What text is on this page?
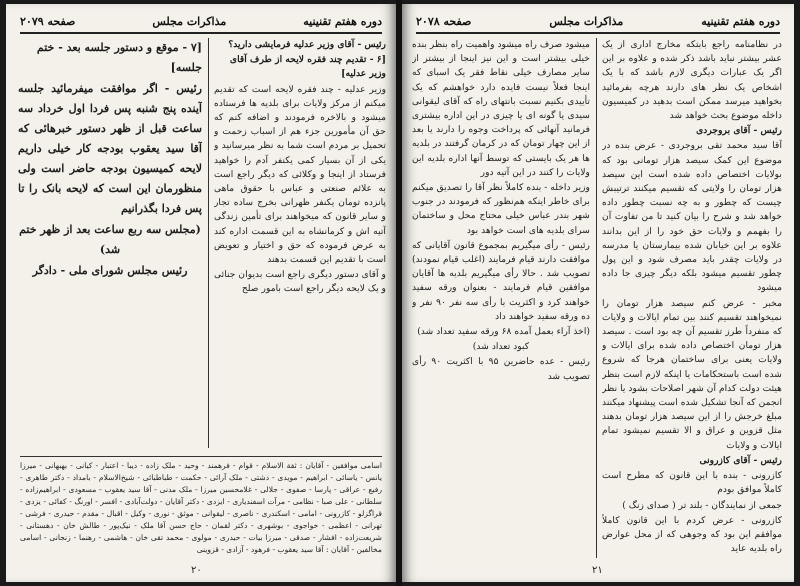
دوره هفتم تقنینیه
مذاکرات مجلس
صفحه ۲۰۷۹

[۷ - موقع و دستور جلسه بعد - ختم جلسه]

رئیس - اگر موافقت میفرمائید جلسه آینده پنج شنبه پس فردا اول خرداد سه ساعت قبل از ظهر دستور خبرهائی که آقا سید یعقوب بودجه کار خیلی داریم لایحه کمیسیون بودجه حاضر است ولی منظورمان این است که لایحه بانک را تا پس فردا بگذرانیم

(مجلس سه ربع ساعت بعد از ظهر ختم شد)

رئیس مجلس شورای ملی - دادگر

رئیس - آقای وزیر عدلیه فرمایشی دارید؟

[۶ - تقدیم چند فقره لایحه از طرف آقای وزیر عدلیه]

وزیر عدلیه - چند فقره لایحه است که تقدیم میکنم از مرکز ولایات برای بلدیه ها فرستاده میشود و بالاخره فرمودند و اضافه کنم که حق آن مأمورین جزء هم از اسباب زحمت و تحمیل بر مردم است شما به نظر میرسانید و یکی از آن بسیار کمی یکنفر آدم را خواهید فرستاد از اینجا و وکلائی که دیگر راجع است به علائم صنعتی و عباس با حقوق ماهی پانزده تومان یکنفر ظهرانی بخرج ساده تجار و سایر قانون که میخواهند برای تأمین زندگی آتیه اش و کرمانشاه به این قسمت اداره کند به عرض فرموده که حق و اختیار و تعویض است با تقدیم این قسمت بدهند

و آقای دستور دیگری راجع است بدیوان جنائی و یک لایحه دیگر راجع است بامور صلح

اسامی موافقین - آقایان : ثقة الاسلام - قوام - فرهمند - وحید - ملک زاده - دیبا - اعتبار - کیانی - بهبهانی - میرزا یانس - یاسائی - ابراهیم - مویدی - دشتی - ملک آرائی - حکمت - طباطبائی - شیخ‌الاسلام - بامداد - دکتر طاهری - رفیع - عراقی - پارسا - صفوی - جلالی - غلامحسین میرزا - ملک مدنی - آقا سید یعقوب - مسعودی - ابراهیم‌زاده - سلطانی - علی صبا - نظامی - مرآت اسفندیاری - ایزدی - دکتر آقایان - دولت‌آبادی - افسر - اورنگ - کفائی - یزدی - قراگزلو - کازرونی - امامی - اسکندری - ناصری - لیقوانی - موثق - نوری - وکیل - اقبال - مقدم - حیدری - فرشی - تهرانی - اعظمی - خواجوی - بوشهری - دکتر لقمان - حاج حسن آقا ملک - نیک‌پور - طالش خان - دهستانی - شریعت‌زاده - افشار - صدقی - میرزا بیات - حیدری - مولوی - محمد تقی خان - هاشمی - رهنما - زنجانی - اسامی مخالفین - آقایان : آقا سید یعقوب - فرهود - آزادی - قزوینی
۲۰
دوره هفتم تقنینیه
مذاکرات مجلس
صفحه ۲۰۷۸

در نظامنامه راجع بابتکه مخارج اداری از یک عشر بیشتر نباید باشد ذکر شده و علاوه بر این اگر یک عبارات دیگری لازم باشد که با یک اشخاص یک نظر های دارند هرچه بفرمائید بخواهید میرسد ممکن است بدهید در کمیسیون داخله موضوع بحث خواهد شد

رئیس - آقای بروجردی

آقا سید محمد تقی بروجردی - عرض بنده در موضوع این کمک سیصد هزار تومانی بود که بولایات اختصاص داده شده است این سیصد هزار تومان را ولایتی که تقسیم میکنند ترتیبش چیست که چطور و به چه نسبت چطور داده خواهد شد و شرح را بیان کنید تا من تفاوت آن را بفهمم و ولایات حق خود را از این بدانند علاوه بر این خیابان شده بیمارستان یا مدرسه در ولایات چقدر باید مصرف شود و این پول چطور تقسیم میشود بلکه دیگر چیزی جا داده میشود

مخبر - عرض کنم سیصد هزار تومان را نمیخواهند تقسیم کنند بین تمام ایالات و ولایات که منفرداً طرز تقسیم آن چه بود است . سیصد هزار تومان اختصاص داده شده برای ایالات و ولایات یعنی برای ساختمان هرجا که شروع شده است باستحکامات یا اینکه لازم است بنظر هیئت دولت کدام آن شهر اصلاحات بشود یا نظر انجمن که آنجا تشکیل شده است پیشنهاد میکنند مبلغ خرجش را از این سیصد هزار تومان بدهند مثل قزوین و عراق و الا تقسیم نمیشود تمام ایالات و ولایات

رئیس - آقای کازرونی

کازرونی - بنده با این قانون که مطرح است کاملاً موافق بودم

جمعی از نمایندگان - بلند تر ( صدای زنگ )

کازرونی - عرض کردم با این قانون کاملاً موافقم این بود که وجوهی که از محل عوارض راه بلدیه عاید

میشود صرف راه میشود واهمیت راه بنظر بنده خیلی بیشتر است و این نیز اینجا از بیشتر از سایر مصارف خیلی نقاط فقر یک اسبای که اینجا فعلاً نیست فایده دارد خواهشم که یک تأییدی بکنیم نسبت بانتهای راه که آقای لیقوانی سیدی یا گونه ای یا چیزی در این اداره بیشتری فرمانید آنهائی که پرداخت وجوه را دارند یا بعد از این چهار تومان که در کرمان گرفتند در بلدیه ها هر یک بایستی که توسط آنها اداره بلدیه این ولایات را کنند در این آتیه دور

وزیر داخله - بنده کاملاً نظر آقا را تصدیق میکنم برای خاطر اینکه هم‌نظور که فرمودند در جنوب شهر بندر عباس خیلی محتاج محل و ساختمان سرای بلدیه های است خواهد بود

رئیس - رأی میگیریم بمجموع قانون آقایانی که موافقت دارند قیام فرمایند (اغلب قیام نمودند) تصویب شد . حالا رأی میگیریم بلدیه ها آقایان موافقین قیام فرمایند - بعنوان ورقه سفید خواهند کرد و اکثریت با رأی سه نفر ۹۰ نفر و ده ورقه سفید خواهند داد

(اخذ آراء بعمل آمده ۶۸ ورقه سفید تعداد شد)

کبود تعداد شد)

رئیس - عده حاضرین ۹۵ با اکثریت ۹۰ رأی تصویب شد

۲۱
